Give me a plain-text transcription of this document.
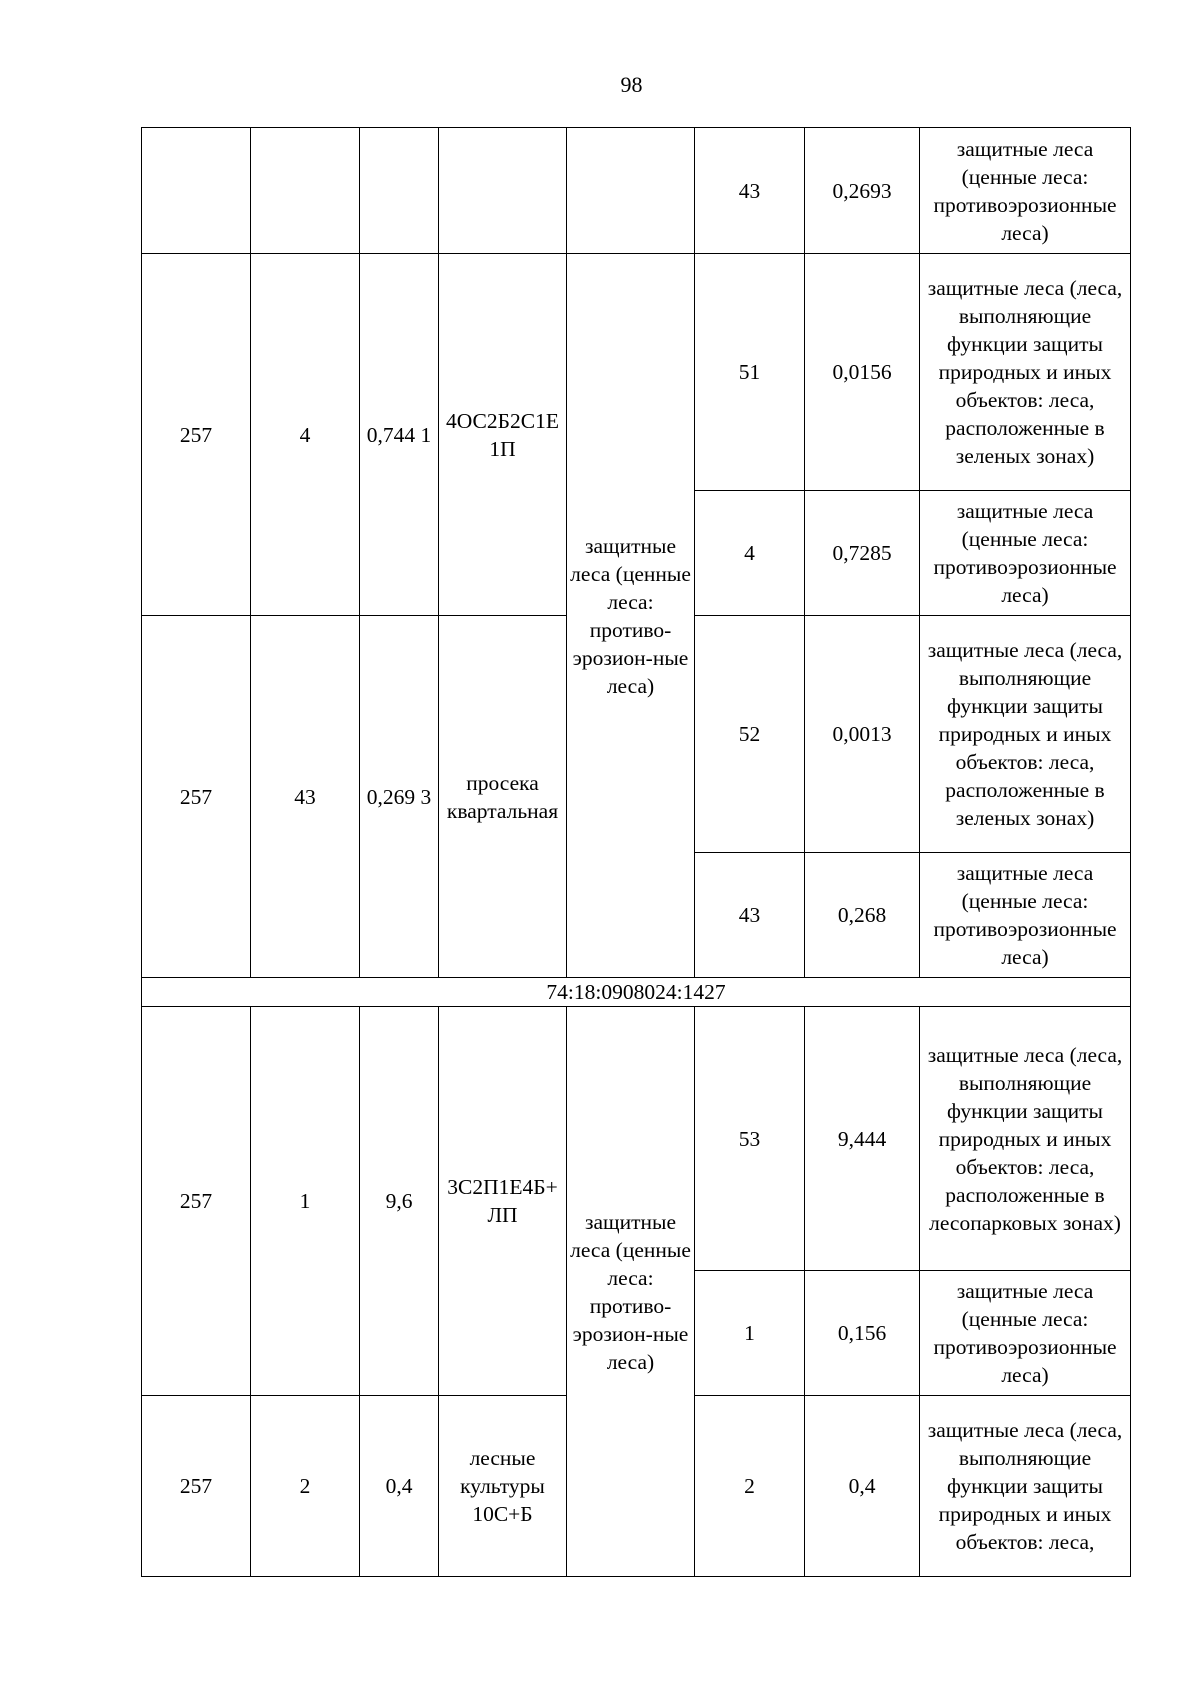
98
					43	0,2693	защитные леса (ценные леса: противоэрозионные леса)
257	4	0,744 1	4ОС2Б2С1Е 1П	защитные леса (ценные леса: противо-эрозион-ные леса)	51	0,0156	защитные леса (леса, выполняющие функции защиты природных и иных объектов: леса, расположенные в зеленых зонах)
					4	0,7285	защитные леса (ценные леса: противоэрозионные леса)
257	43	0,269 3	просека квартальная		52	0,0013	защитные леса (леса, выполняющие функции защиты природных и иных объектов: леса, расположенные в зеленых зонах)
					43	0,268	защитные леса (ценные леса: противоэрозионные леса)
74:18:0908024:1427							
257	1	9,6	3С2П1Е4Б+ ЛП	защитные леса (ценные леса: противо-эрозион-ные леса)	53	9,444	защитные леса (леса, выполняющие функции защиты природных и иных объектов: леса, расположенные в лесопарковых зонах)
					1	0,156	защитные леса (ценные леса: противоэрозионные леса)
257	2	0,4	лесные культуры 10С+Б		2	0,4	защитные леса (леса, выполняющие функции защиты природных и иных объектов: леса,
